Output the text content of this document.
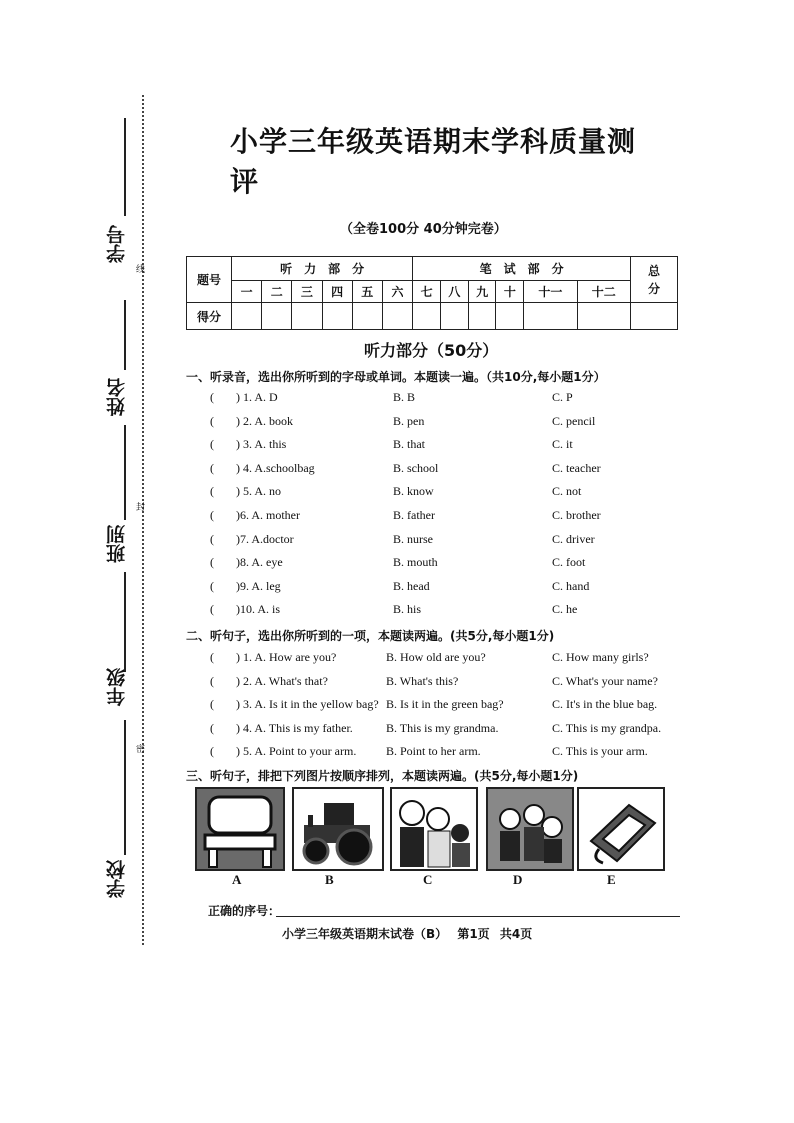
学号
线
姓名
封
班别
年级
密
学校
小学三年级英语期末学科质量测评
（全卷100分 40分钟完卷）
题号	听　力　部　分						笔　试　部　分						总分
	一	二	三	四	五	六	七	八	九	十	十一	十二	
得分													
听力部分（50分）
一、听录音，选出你所听到的字母或单词。本题读一遍。（共10分,每小题1分）
( ) 1. A. D	B. B	C. P
( ) 2. A. book	B. pen	C. pencil
( ) 3. A. this	B. that	C. it
( ) 4. A.schoolbag	B. school	C. teacher
( ) 5. A. no	B. know	C. not
( )6. A. mother	B. father	C. brother
( )7. A.doctor	B. nurse	C. driver
( )8. A. eye	B. mouth	C. foot
( )9. A. leg	B. head	C. hand
( )10. A. is	B. his	C. he
二、听句子，选出你所听到的一项，本题读两遍。(共5分,每小题1分)
( ) 1. A. How are you?	B. How old are you?	C. How many girls?
( ) 2. A. What's that?	B. What's this?	C. What's your name?
( ) 3. A. Is it in the yellow bag? B. Is it in the green bag?	C. It's in the blue bag.
( ) 4. A. This is my father.	B. This is my grandma.	C. This is my grandpa.
( ) 5. A. Point to your arm. B. Point to her arm.	C. This is your arm.
三、听句子，排把下列图片按顺序排列，本题读两遍。(共5分,每小题1分)
A	B	C	D	E
正确的序号：
小学三年级英语期末试卷（B） 第1页 共4页
